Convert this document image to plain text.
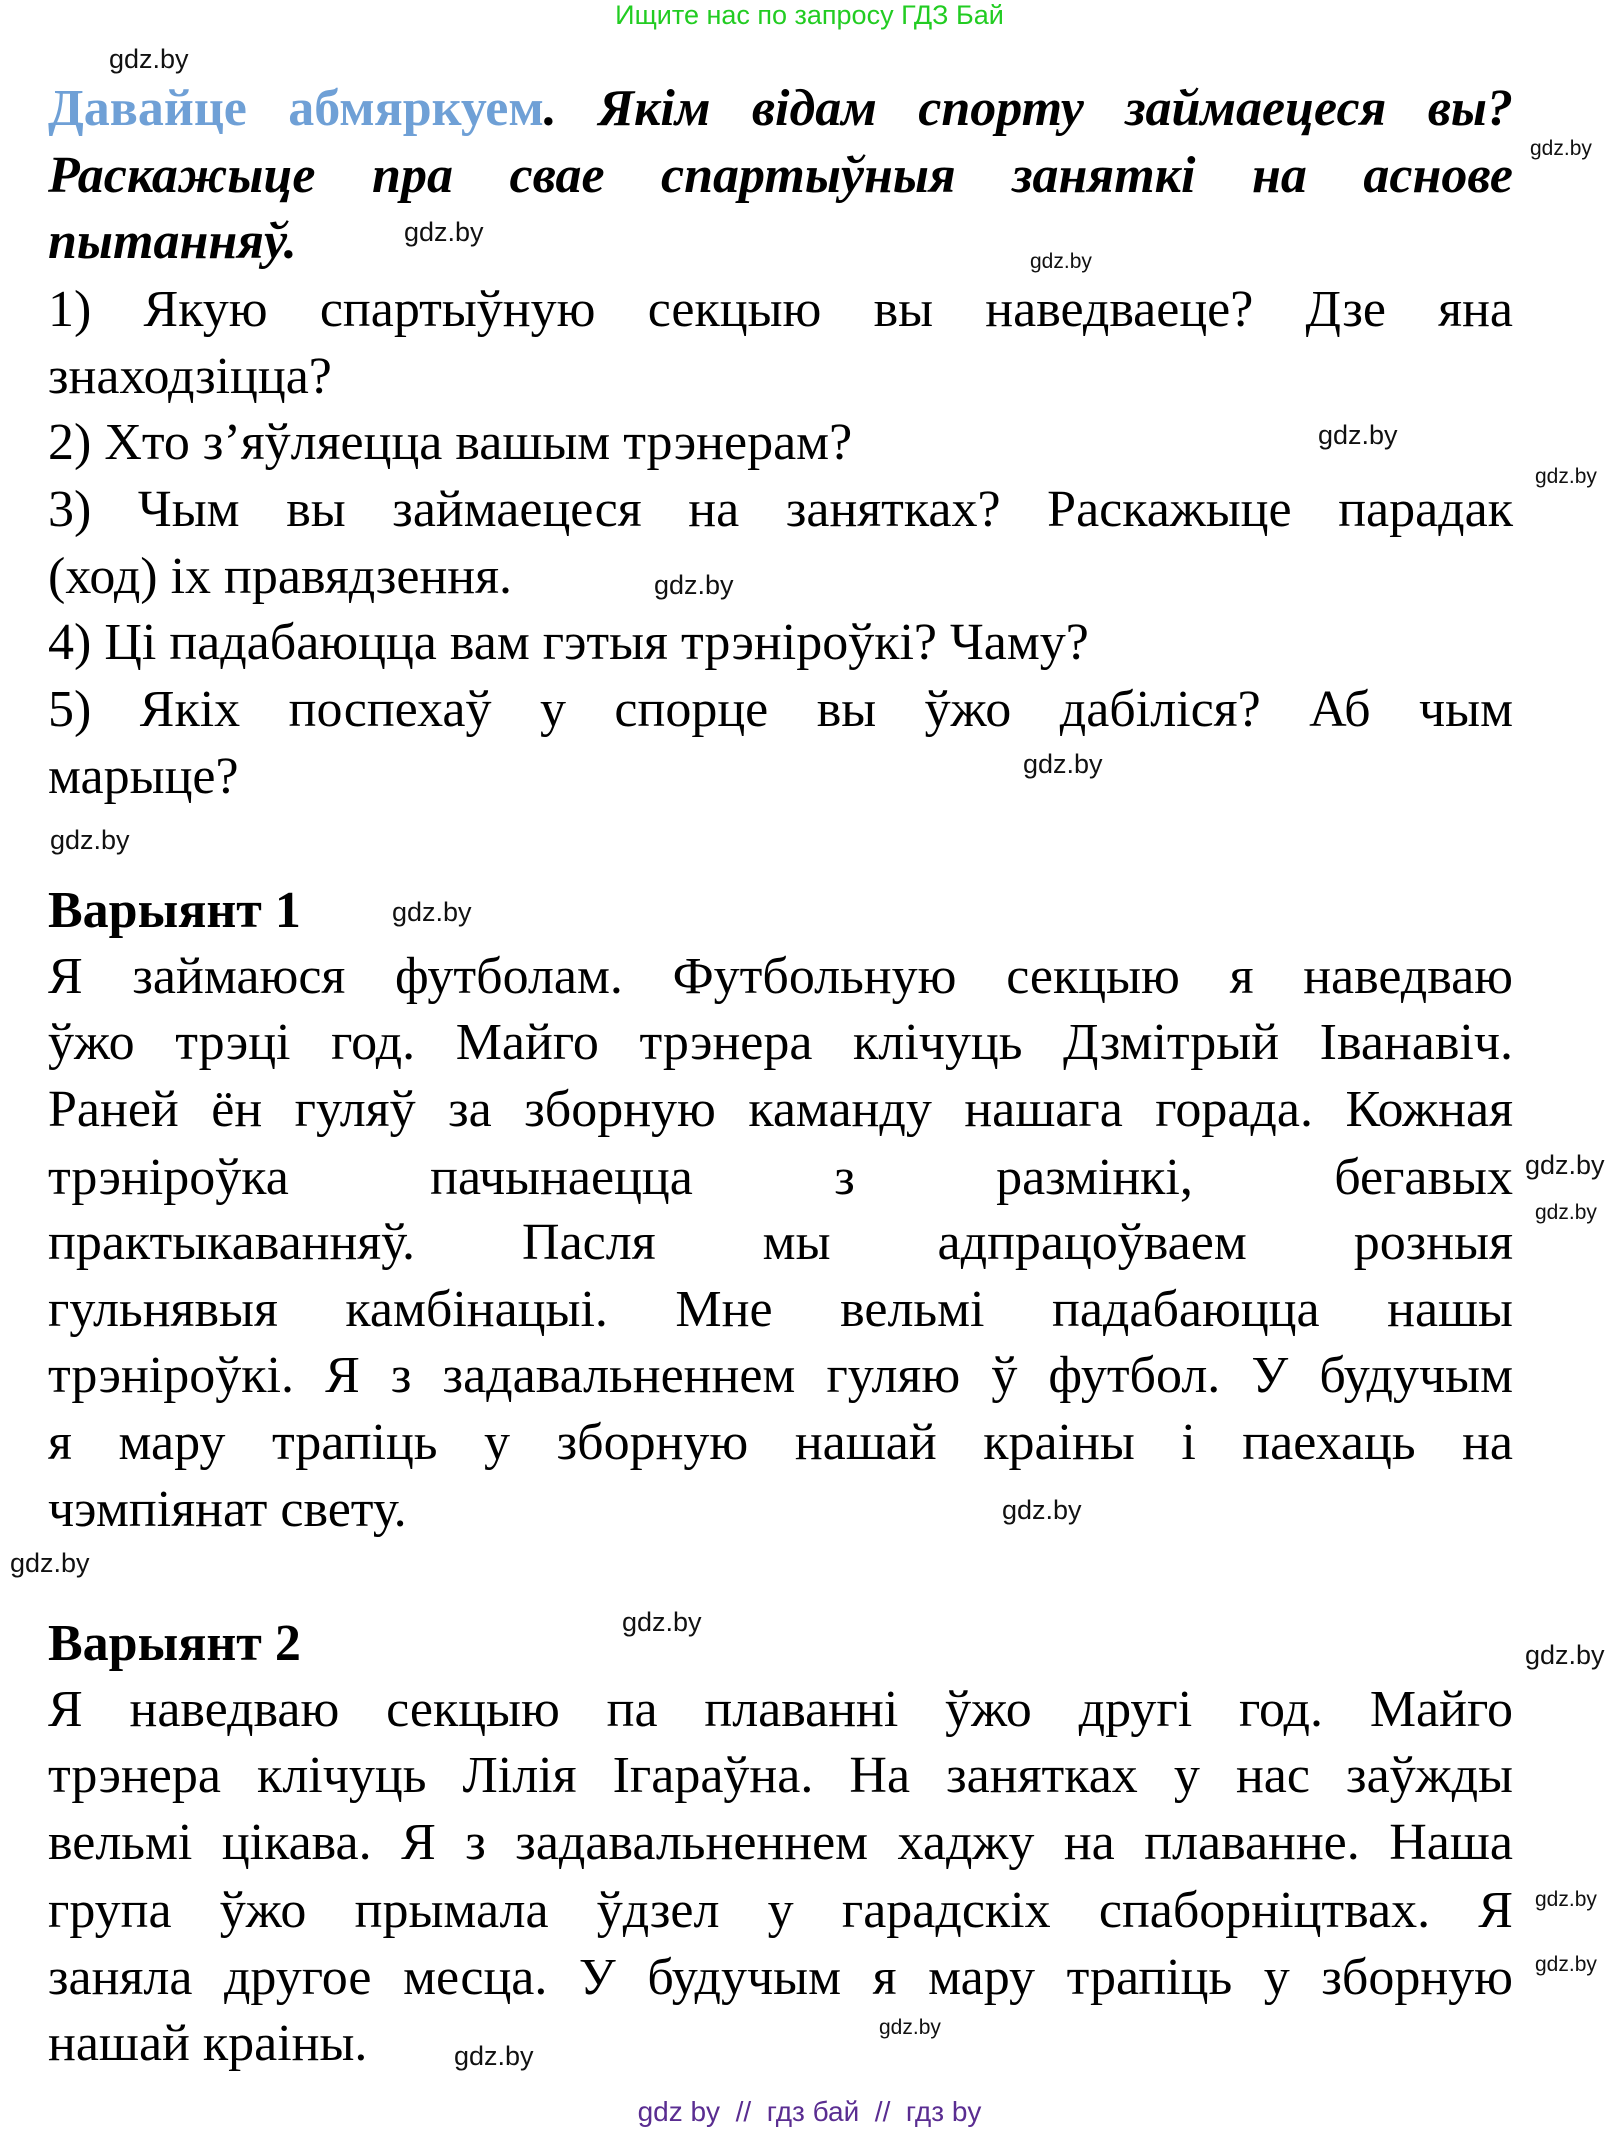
Ищите нас по запросу ГДЗ Бай
Давайце абмяркуем. Якім відам спорту займаецеся вы?
Раскажыце пра свае спартыўныя заняткі на аснове
пытанняў.
1) Якую спартыўную секцыю вы наведваеце? Дзе яна
знаходзіцца?
2) Хто з’яўляецца вашым трэнерам?
3) Чым вы займаецеся на занятках? Раскажыце парадак
(ход) іх правядзення.
4) Ці падабаюцца вам гэтыя трэніроўкі? Чаму?
5) Якіх поспехаў у спорце вы ўжо дабіліся? Аб чым
марыце?
Варыянт 1
Я займаюся футболам. Футбольную секцыю я наведваю
ўжо трэці год. Майго трэнера клічуць Дзмітрый Іванавіч.
Раней ён гуляў за зборную каманду нашага горада. Кожная
трэніроўка пачынаецца з размінкі, бегавых
практыкаванняў. Пасля мы адпрацоўваем розныя
гульнявыя камбінацыі. Мне вельмі падабаюцца нашы
трэніроўкі. Я з задавальненнем гуляю ў футбол. У будучым
я мару трапіць у зборную нашай краіны і паехаць на
чэмпіянат свету.
Варыянт 2
Я наведваю секцыю па плаванні ўжо другі год. Майго
трэнера клічуць Лілія Ігараўна. На занятках у нас заўжды
вельмі цікава. Я з задавальненнем хаджу на плаванне. Наша
група ўжо прымала ўдзел у гарадскіх спаборніцтвах. Я
заняла другое месца. У будучым я мару трапіць у зборную
нашай краіны.
gdz.by
gdz.by
gdz.by
gdz.by
gdz.by
gdz.by
gdz.by
gdz.by
gdz.by
gdz.by
gdz.by
gdz.by
gdz.by
gdz.by
gdz.by
gdz.by
gdz.by
gdz.by
gdz.by
gdz.by
gdz by  //  гдз бай  //  гдз by
